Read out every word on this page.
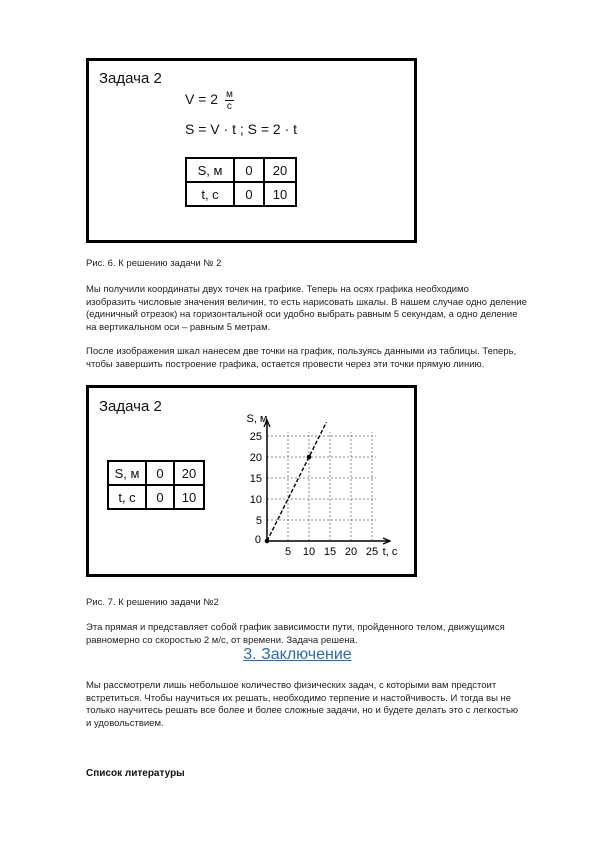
Задача 2
$V = 2 \frac{м}{с}$
S = V · t ; S = 2 · t
S, м	0	20
t, с	0	10
Рис. 6. К решению задачи № 2
Мы получили координаты двух точек на графике. Теперь на осях графика необходимо
изобразить числовые значения величин, то есть нарисовать шкалы. В нашем случае одно деление
(единичный отрезок) на горизонтальной оси удобно выбрать равным 5 секундам, а одно деление
на вертикальном оси – равным 5 метрам.
После изображения шкал нанесем две точки на график, пользуясь данными из таблицы. Теперь,
чтобы завершить построение графика, остается провести через эти точки прямую линию.
Задача 2
S, м	0	20
t, с	0	10
5 10 15 20 25
5
10
15
20
25
0
S, м
t, с
Рис. 7. К решению задачи №2
Эта прямая и представляет собой график зависимости пути, пройденного телом, движущимся
равномерно со скоростью 2 м/с, от времени. Задача решена.
3. Заключение
Мы рассмотрели лишь небольшое количество физических задач, с которыми вам предстоит
встретиться. Чтобы научиться их решать, необходимо терпение и настойчивость. И тогда вы не
только научитесь решать все более и более сложные задачи, но и будете делать это с легкостью
и удовольствием.
Список литературы
